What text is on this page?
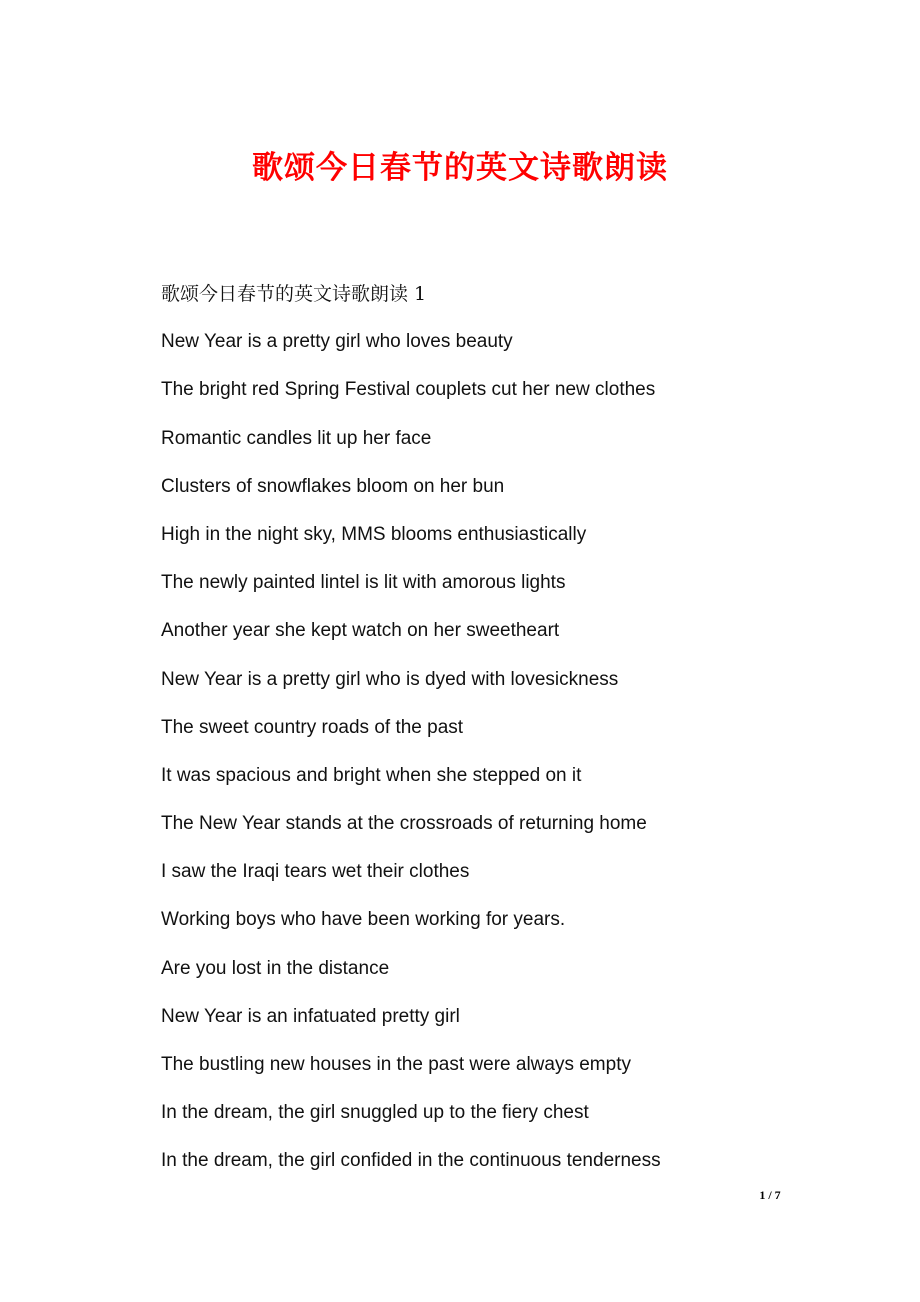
歌颂今日春节的英文诗歌朗读
歌颂今日春节的英文诗歌朗读 1
New Year is a pretty girl who loves beauty
The bright red Spring Festival couplets cut her new clothes
Romantic candles lit up her face
Clusters of snowflakes bloom on her bun
High in the night sky, MMS blooms enthusiastically
The newly painted lintel is lit with amorous lights
Another year she kept watch on her sweetheart
New Year is a pretty girl who is dyed with lovesickness
The sweet country roads of the past
It was spacious and bright when she stepped on it
The New Year stands at the crossroads of returning home
I saw the Iraqi tears wet their clothes
Working boys who have been working for years.
Are you lost in the distance
New Year is an infatuated pretty girl
The bustling new houses in the past were always empty
In the dream, the girl snuggled up to the fiery chest
In the dream, the girl confided in the continuous tenderness
1 / 7
